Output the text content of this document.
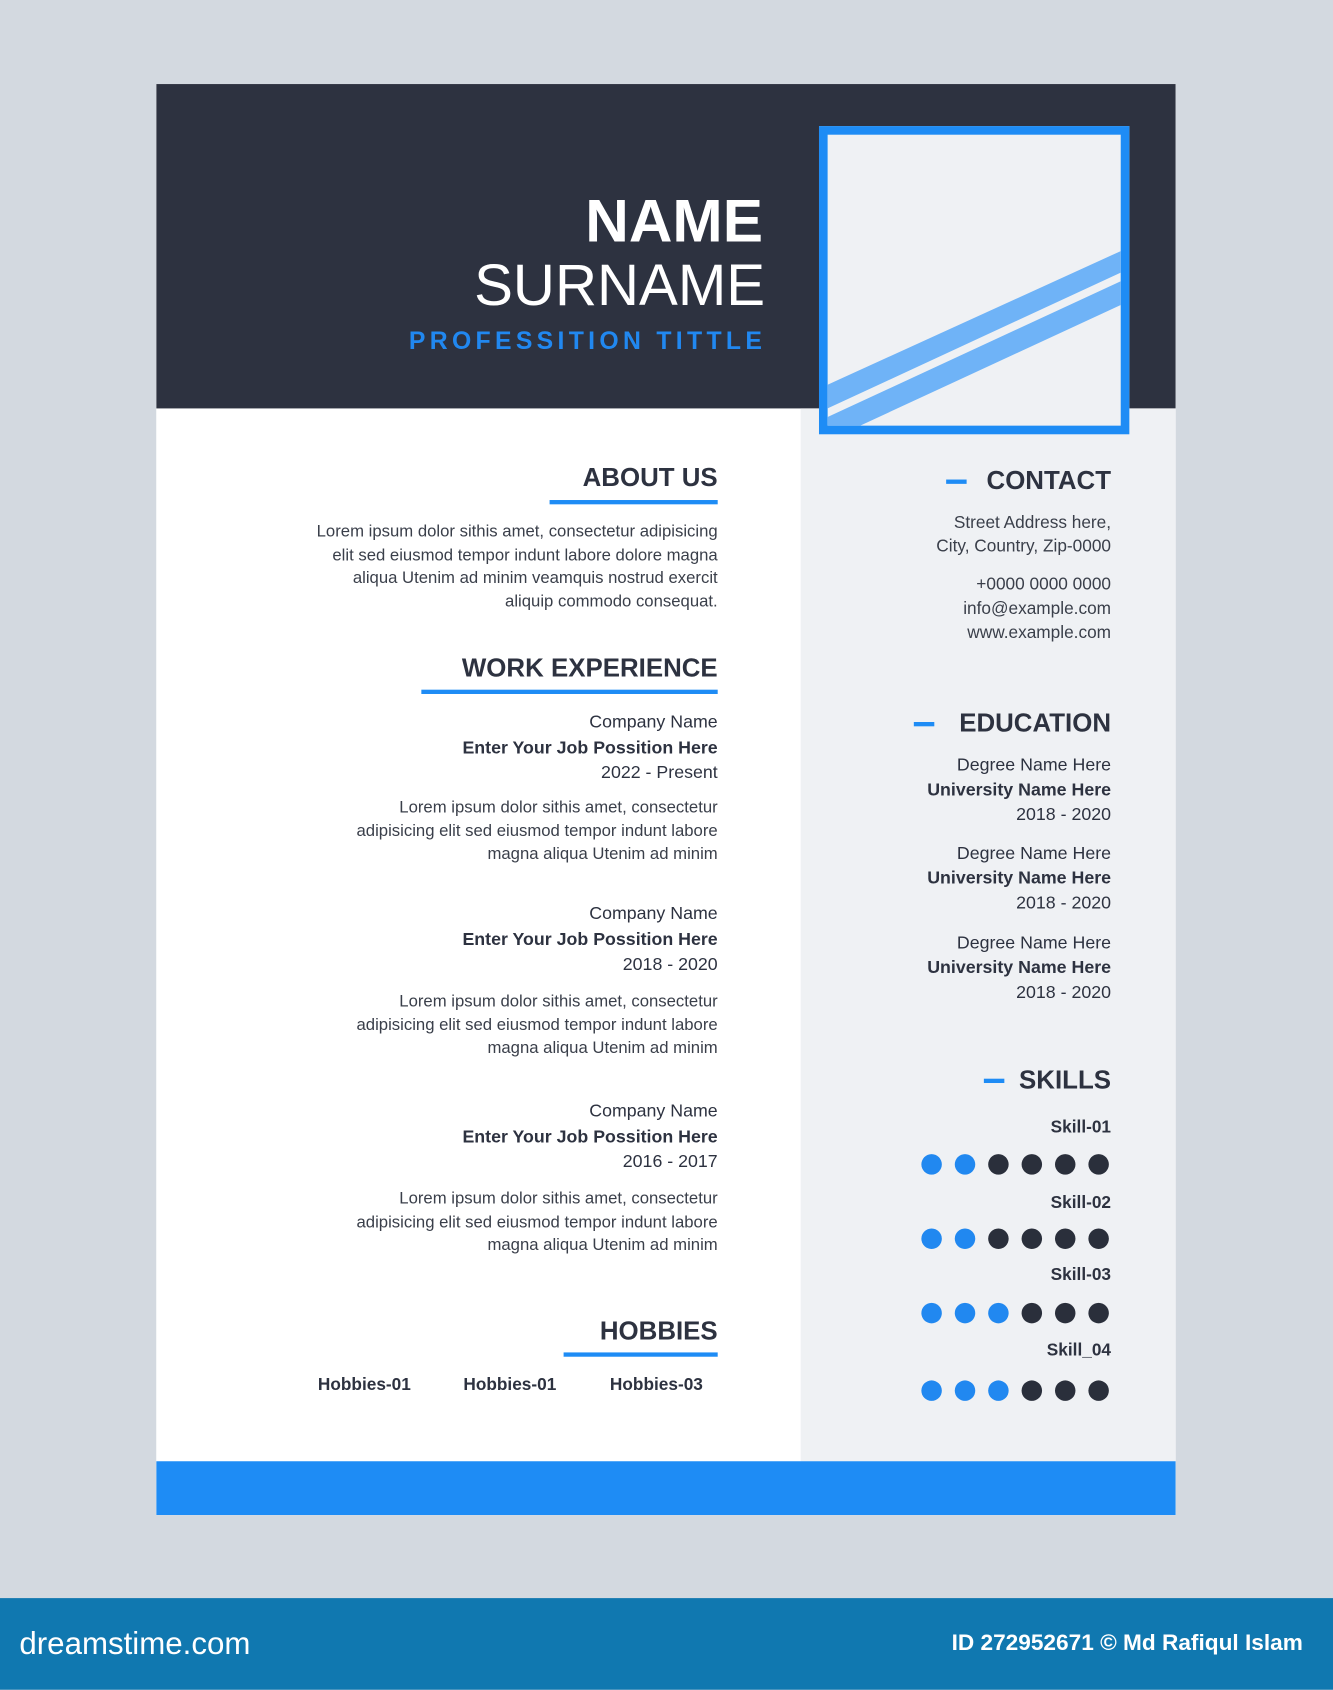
NAME
SURNAME
PROFESSITION TITTLE
ABOUT US
Lorem ipsum dolor sithis amet, consectetur adipisicing
elit sed eiusmod tempor indunt labore dolore magna
aliqua Utenim ad minim veamquis nostrud exercit
aliquip commodo consequat.
WORK EXPERIENCE
Company Name
Enter Your Job Possition Here
2022 - Present
Lorem ipsum dolor sithis amet, consectetur
adipisicing elit sed eiusmod tempor indunt labore
magna aliqua Utenim ad minim
Company Name
Enter Your Job Possition Here
2018 - 2020
Lorem ipsum dolor sithis amet, consectetur
adipisicing elit sed eiusmod tempor indunt labore
magna aliqua Utenim ad minim
Company Name
Enter Your Job Possition Here
2016 - 2017
Lorem ipsum dolor sithis amet, consectetur
adipisicing elit sed eiusmod tempor indunt labore
magna aliqua Utenim ad minim
HOBBIES
Hobbies-01	Hobbies-01	Hobbies-03
CONTACT
Street Address here,
City, Country, Zip-0000
+0000 0000 0000
info@example.com
www.example.com
EDUCATION
Degree Name Here
University Name Here
2018 - 2020
Degree Name Here
University Name Here
2018 - 2020
Degree Name Here
University Name Here
2018 - 2020
SKILLS
Skill-01
Skill-02
Skill-03
Skill_04
dreamstime.com	ID 272952671 © Md Rafiqul Islam
